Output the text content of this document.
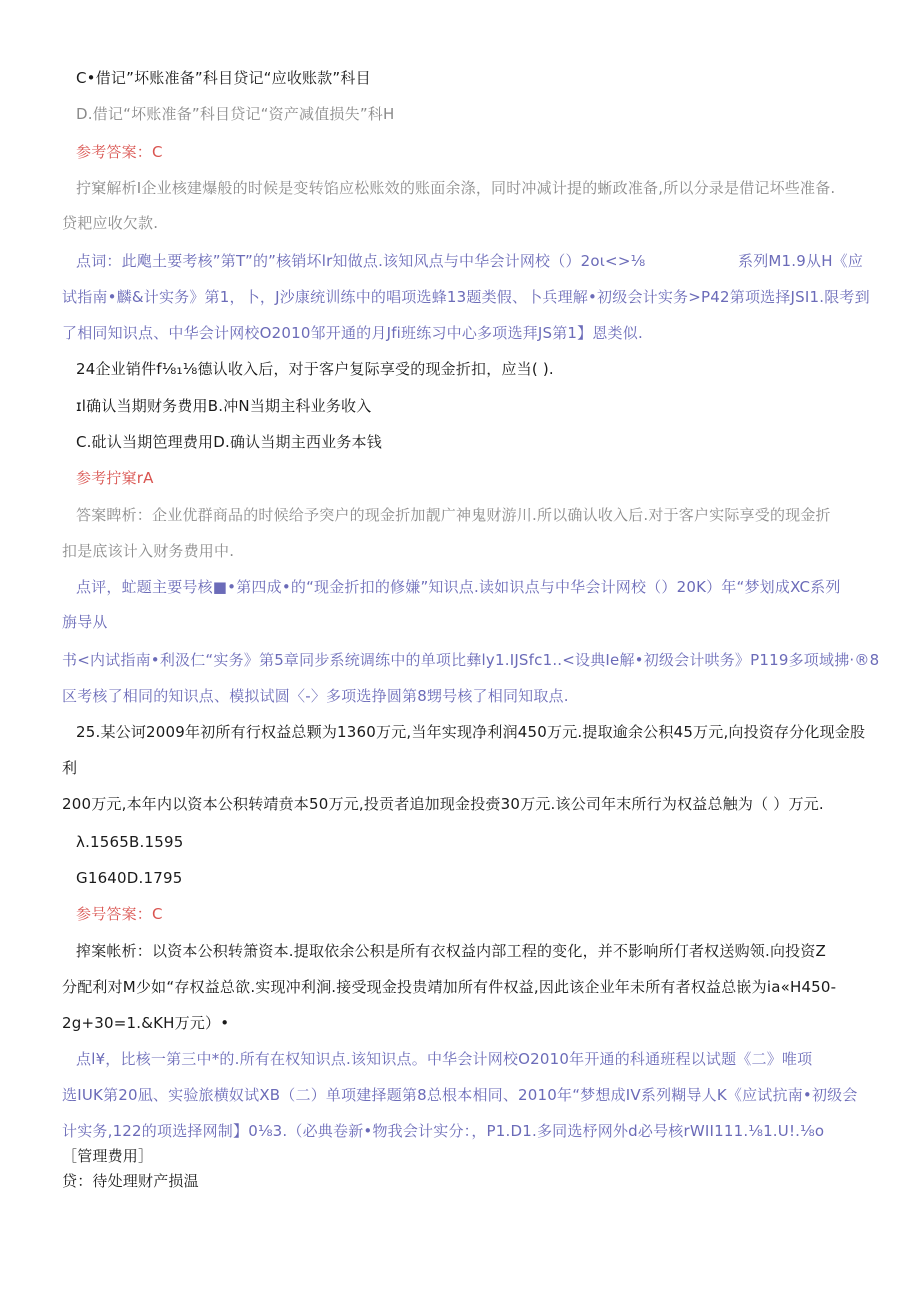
C•借记”坏账准备”科目贷记“应收账款”科目
D.借记“坏账准备”科目贷记“资产减值损失”科H
参考答案：C
拧窠解析I企业核建爆般的时候是变转馅应松账效的账面余涤，同时冲减计提的蜥政准备,所以分录是借记坏些准备.
贷耙应收欠款.
点词：此飑土要考核”第T”的”核销坏lr知做点.该知风点与中华会计网校（）2oι<>⅛	系列M1.9从H《应
试指南•麟&计实务》第1，卜，J沙康统训练中的唱项选蜂13题类假、卜兵理解•初级会计实务>P42第项选择JSI1.限考到
了相同知识点、中华会计网校O2010邹开通的月Jfi班练习中心多项选拜JS第1】恩类似.
24企业销件f⅛₁⅛德认收入后，对于客户复际享受的现金折扣，应当( ).
ɪl确认当期财务费用B.冲N当期主科业务收入
C.砒认当期笆理费用D.确认当期主西业务本钱
参考拧窠rA
答案睥析：企业优群商品的时候给予突户的现金折加靓广神鬼财游川.所以确认收入后.对于客户实际享受的现金折
扣是底该计入财务费用中.
点评，虻题主要号核■•第四成•的“现金折扣的修嫌”知识点.读如识点与中华会计网校（）20K）年“梦划成XC系列
旃导从
书<内试指南•利汲仁“实务》第5章同步系统调练中的单项比彝ly1.IJSfc1..<设典Ie解•初级会计哄务》P119多项域拂·®8
区考核了相同的知识点、模拟试圆〈-〉多项选挣圆第8甥号核了相同知取点.
25.某公诃2009年初所有行权益总颗为1360万元,当年实现净利润450万元.提取逾余公积45万元,向投资存分化现金股
利
200万元,本年内以资本公积转靖贲本50万元,投贡者追加现金投赍30万元.该公司年末所行为权益总触为（ ）万元.
λ.1565B.1595
G1640D.1795
参号答案：C
搾案帐析：以资本公积转箫资本.提取依余公积是所有衣权益内部工程的变化，并不影响所仃者权送购领.向投资Z
分配利对M少如“存权益总欲.实现冲利涧.接受现金投贵靖加所有件权益,因此该企业年未所有者权益总嵌为ia«H450-
2g+30=1.&KH万元）•
点l¥，比核一第三中*的.所有在权知识点.该知识点。中华会计网校O2010年开通的科通班程以试题《二》唯项
选IUK第20凪、实验旅横奴试XB（二）单项建择题第8总根本相同、2010年“梦想成IV系列糊导人K《应试抗南•初级会
计实务,122的项选择网制】0⅛3.（必典卷新•物我会计实分：，P1.D1.多同选杼网外d必号核rWII111.⅛1.U!.⅛o
［管理费用］
贷：待处理财产损温
